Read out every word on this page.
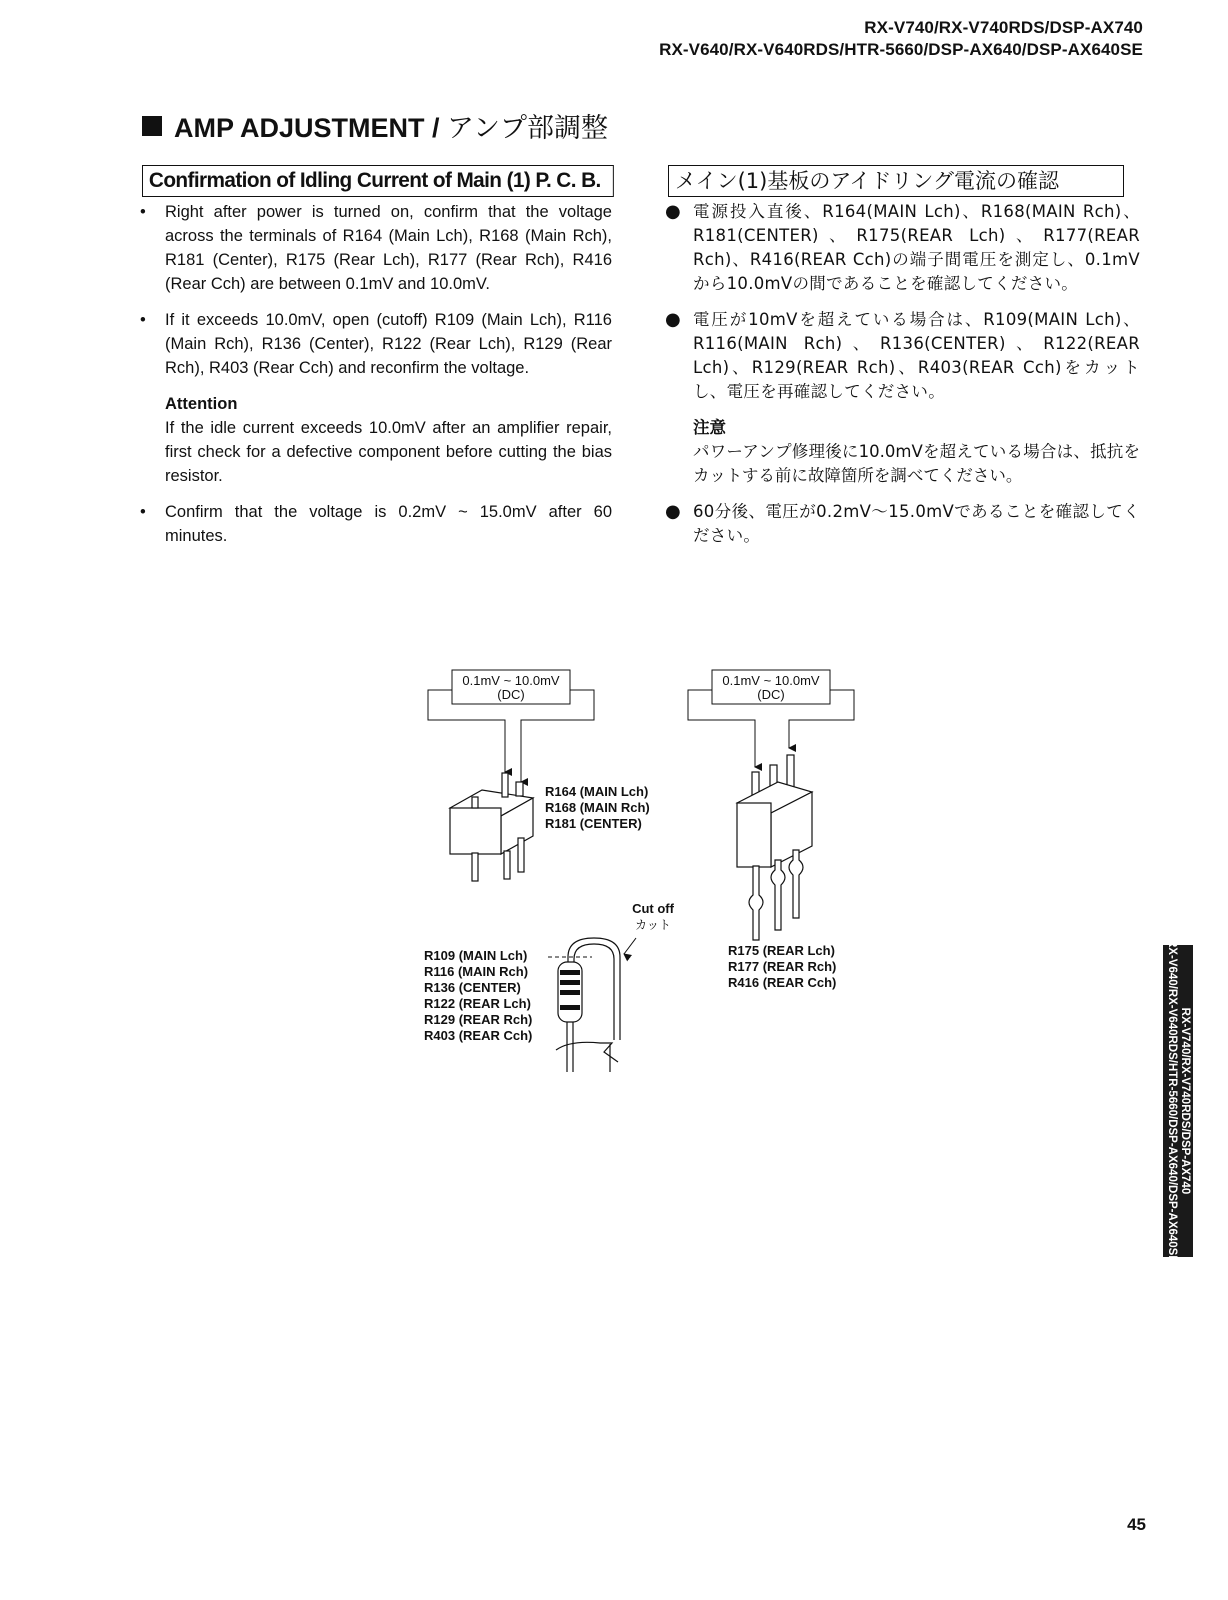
RX-V740/RX-V740RDS/DSP-AX740
RX-V640/RX-V640RDS/HTR-5660/DSP-AX640/DSP-AX640SE
AMP ADJUSTMENT / アンプ部調整
Confirmation of Idling Current of Main (1) P. C. B.	メイン(1)基板のアイドリング電流の確認
• Right after power is turned on, confirm that the voltage across the terminals of R164 (Main Lch), R168 (Main Rch), R181 (Center), R175 (Rear Lch), R177 (Rear Rch), R416 (Rear Cch) are between 0.1mV and 10.0mV.
• If it exceeds 10.0mV, open (cutoff) R109 (Main Lch), R116 (Main Rch), R136 (Center), R122 (Rear Lch), R129 (Rear Rch), R403 (Rear Cch) and reconfirm the voltage.
Attention

If the idle current exceeds 10.0mV after an amplifier repair, first check for a defective component before cutting the bias resistor.

• Confirm that the voltage is 0.2mV ~ 15.0mV after 60 minutes.
● 電源投入直後、R164(MAIN Lch)、R168(MAIN Rch)、R181(CENTER)、R175(REAR Lch)、R177(REAR Rch)、R416(REAR Cch)の端子間電圧を測定し、0.1mVから10.0mVの間であることを確認してください。
● 電圧が10mVを超えている場合は、R109(MAIN Lch)、R116(MAIN Rch)、R136(CENTER)、R122(REAR Lch)、R129(REAR Rch)、R403(REAR Cch)をカットし、電圧を再確認してください。
注意

パワーアンプ修理後に10.0mVを超えている場合は、抵抗をカットする前に故障箇所を調べてください。

● 60分後、電圧が0.2mV〜15.0mVであることを確認してください。
0.1mV ~ 10.0mV
(DC)
R164 (MAIN Lch)
R168 (MAIN Rch)
R181 (CENTER)
0.1mV ~ 10.0mV
(DC)
R175 (REAR Lch)
R177 (REAR Rch)
R416 (REAR Cch)
Cut off
カット
R109 (MAIN Lch)
R116 (MAIN Rch)
R136 (CENTER)
R122 (REAR Lch)
R129 (REAR Rch)
R403 (REAR Cch)	RX-V740/RX-V740RDS/DSP-AX740
RX-V640/RX-V640RDS/HTR-5660/DSP-AX640/DSP-AX640SE
45
